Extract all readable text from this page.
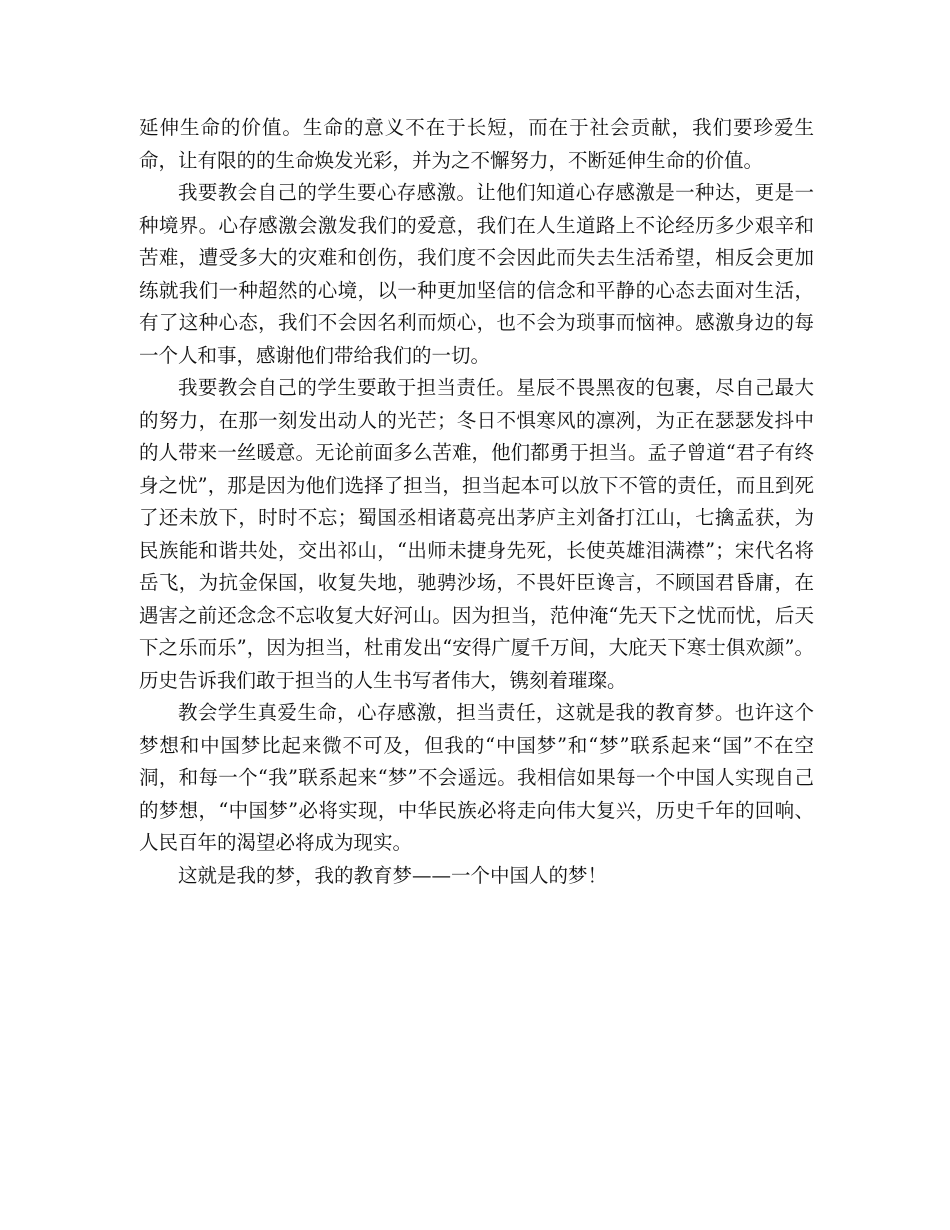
延伸生命的价值。生命的意义不在于长短，而在于社会贡献，我们要珍爱生命，让有限的的生命焕发光彩，并为之不懈努力，不断延伸生命的价值。

我要教会自己的学生要心存感激。让他们知道心存感激是一种达，更是一种境界。心存感激会激发我们的爱意，我们在人生道路上不论经历多少艰辛和苦难，遭受多大的灾难和创伤，我们度不会因此而失去生活希望，相反会更加练就我们一种超然的心境，以一种更加坚信的信念和平静的心态去面对生活，有了这种心态，我们不会因名利而烦心，也不会为琐事而恼神。感激身边的每一个人和事，感谢他们带给我们的一切。

我要教会自己的学生要敢于担当责任。星辰不畏黑夜的包裹，尽自己最大的努力，在那一刻发出动人的光芒；冬日不惧寒风的凛冽，为正在瑟瑟发抖中的人带来一丝暖意。无论前面多么苦难，他们都勇于担当。孟子曾道“君子有终身之忧”，那是因为他们选择了担当，担当起本可以放下不管的责任，而且到死了还未放下，时时不忘；蜀国丞相诸葛亮出茅庐主刘备打江山，七擒孟获，为民族能和谐共处，交出祁山，“出师未捷身先死，长使英雄泪满襟”；宋代名将岳飞，为抗金保国，收复失地，驰骋沙场，不畏奸臣谗言，不顾国君昏庸，在遇害之前还念念不忘收复大好河山。因为担当，范仲淹“先天下之忧而忧，后天下之乐而乐”，因为担当，杜甫发出“安得广厦千万间，大庇天下寒士俱欢颜”。历史告诉我们敢于担当的人生书写者伟大，镌刻着璀璨。

教会学生真爱生命，心存感激，担当责任，这就是我的教育梦。也许这个梦想和中国梦比起来微不可及，但我的“中国梦”和“梦”联系起来“国”不在空洞，和每一个“我”联系起来“梦”不会遥远。我相信如果每一个中国人实现自己的梦想，“中国梦”必将实现，中华民族必将走向伟大复兴，历史千年的回响、人民百年的渴望必将成为现实。

这就是我的梦，我的教育梦——一个中国人的梦！
